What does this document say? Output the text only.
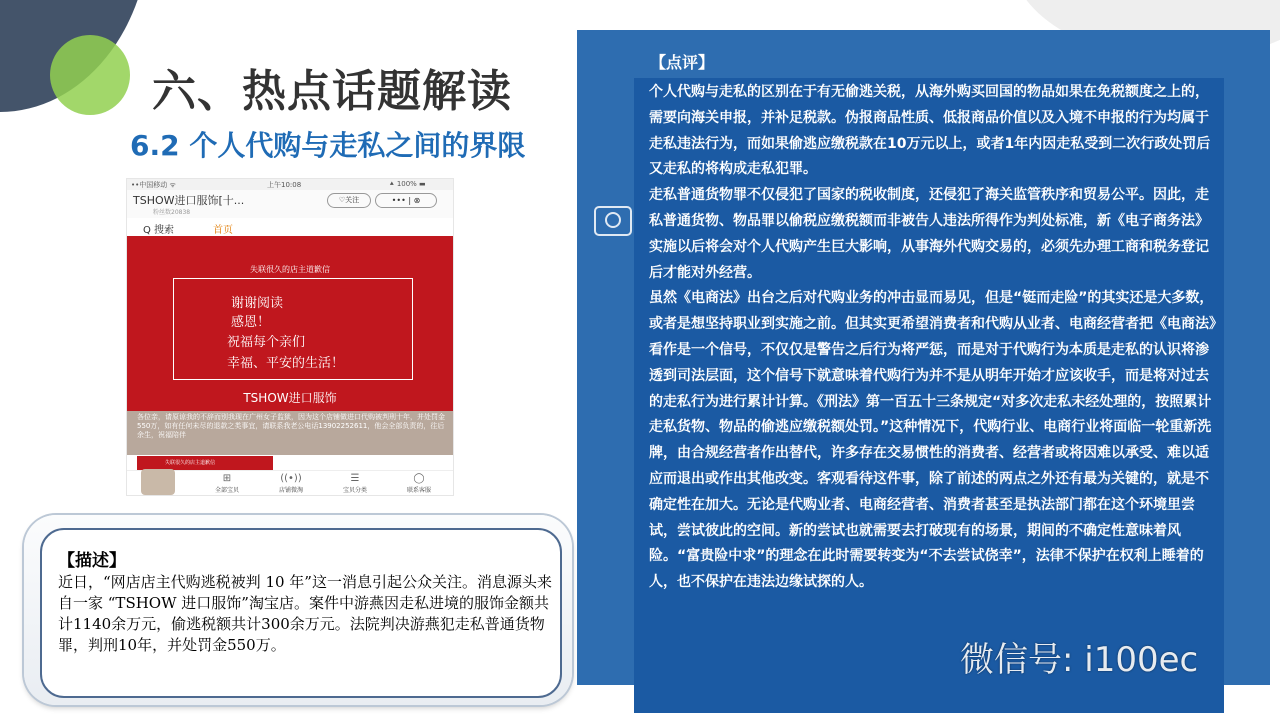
六、热点话题解读
6.2 个人代购与走私之间的界限
••中国移动 ᯤ	上午10:08	⯅ 100% ▬
TSHOW进口服饰[十...
粉丝数20838
♡关注	••• | ⊗
Q 搜索	首页
失联很久的店主道歉信
谢谢阅读
感恩！
祝福每个亲们
幸福、平安的生活！
TSHOW进口服饰
各位亲，请原谅我的不辞而别我现在广州女子监狱，因为这个店铺做进口代购被判刑十年，并处罚金550万，如有任何未尽的退款之类事宜，请联系我老公电话13902252611，他会全部负责的，往后余生，祝福陪伴
失联很久的店主道歉信
⊞
全部宝贝
((•))
店铺微淘
☰
宝贝分类
◯
联系客服
【描述】
近日，“网店店主代购逃税被判 10 年”这一消息引起公众关注。消息源头来自一家 “TSHOW 进口服饰”淘宝店。案件中游燕因走私进境的服饰金额共计1140余万元，偷逃税额共计300余万元。法院判决游燕犯走私普通货物罪，判刑10年，并处罚金550万。
【点评】

个人代购与走私的区别在于有无偷逃关税，从海外购买回国的物品如果在免税额度之上的，需要向海关申报，并补足税款。伪报商品性质、低报商品价值以及入境不申报的行为均属于走私违法行为，而如果偷逃应缴税款在10万元以上，或者1年内因走私受到二次行政处罚后又走私的将构成走私犯罪。

走私普通货物罪不仅侵犯了国家的税收制度，还侵犯了海关监管秩序和贸易公平。因此，走私普通货物、物品罪以偷税应缴税额而非被告人违法所得作为判处标准，新《电子商务法》实施以后将会对个人代购产生巨大影响，从事海外代购交易的，必须先办理工商和税务登记后才能对外经营。

虽然《电商法》出台之后对代购业务的冲击显而易见，但是“铤而走险”的其实还是大多数，或者是想坚持职业到实施之前。但其实更希望消费者和代购从业者、电商经营者把《电商法》看作是一个信号，不仅仅是警告之后行为将严惩，而是对于代购行为本质是走私的认识将渗透到司法层面，这个信号下就意味着代购行为并不是从明年开始才应该收手，而是将对过去的走私行为进行累计计算。《刑法》第一百五十三条规定“对多次走私未经处理的，按照累计走私货物、物品的偷逃应缴税额处罚。”这种情况下，代购行业、电商行业将面临一轮重新洗牌，由合规经营者作出替代，许多存在交易惯性的消费者、经营者或将因难以承受、难以适应而退出或作出其他改变。客观看待这件事，除了前述的两点之外还有最为关键的，就是不确定性在加大。无论是代购业者、电商经营者、消费者甚至是执法部门都在这个环境里尝试，尝试彼此的空间。新的尝试也就需要去打破现有的场景，期间的不确定性意味着风险。“富贵险中求”的理念在此时需要转变为“不去尝试侥幸”，法律不保护在权利上睡着的人，也不保护在违法边缘试探的人。

微信号: i100ec
